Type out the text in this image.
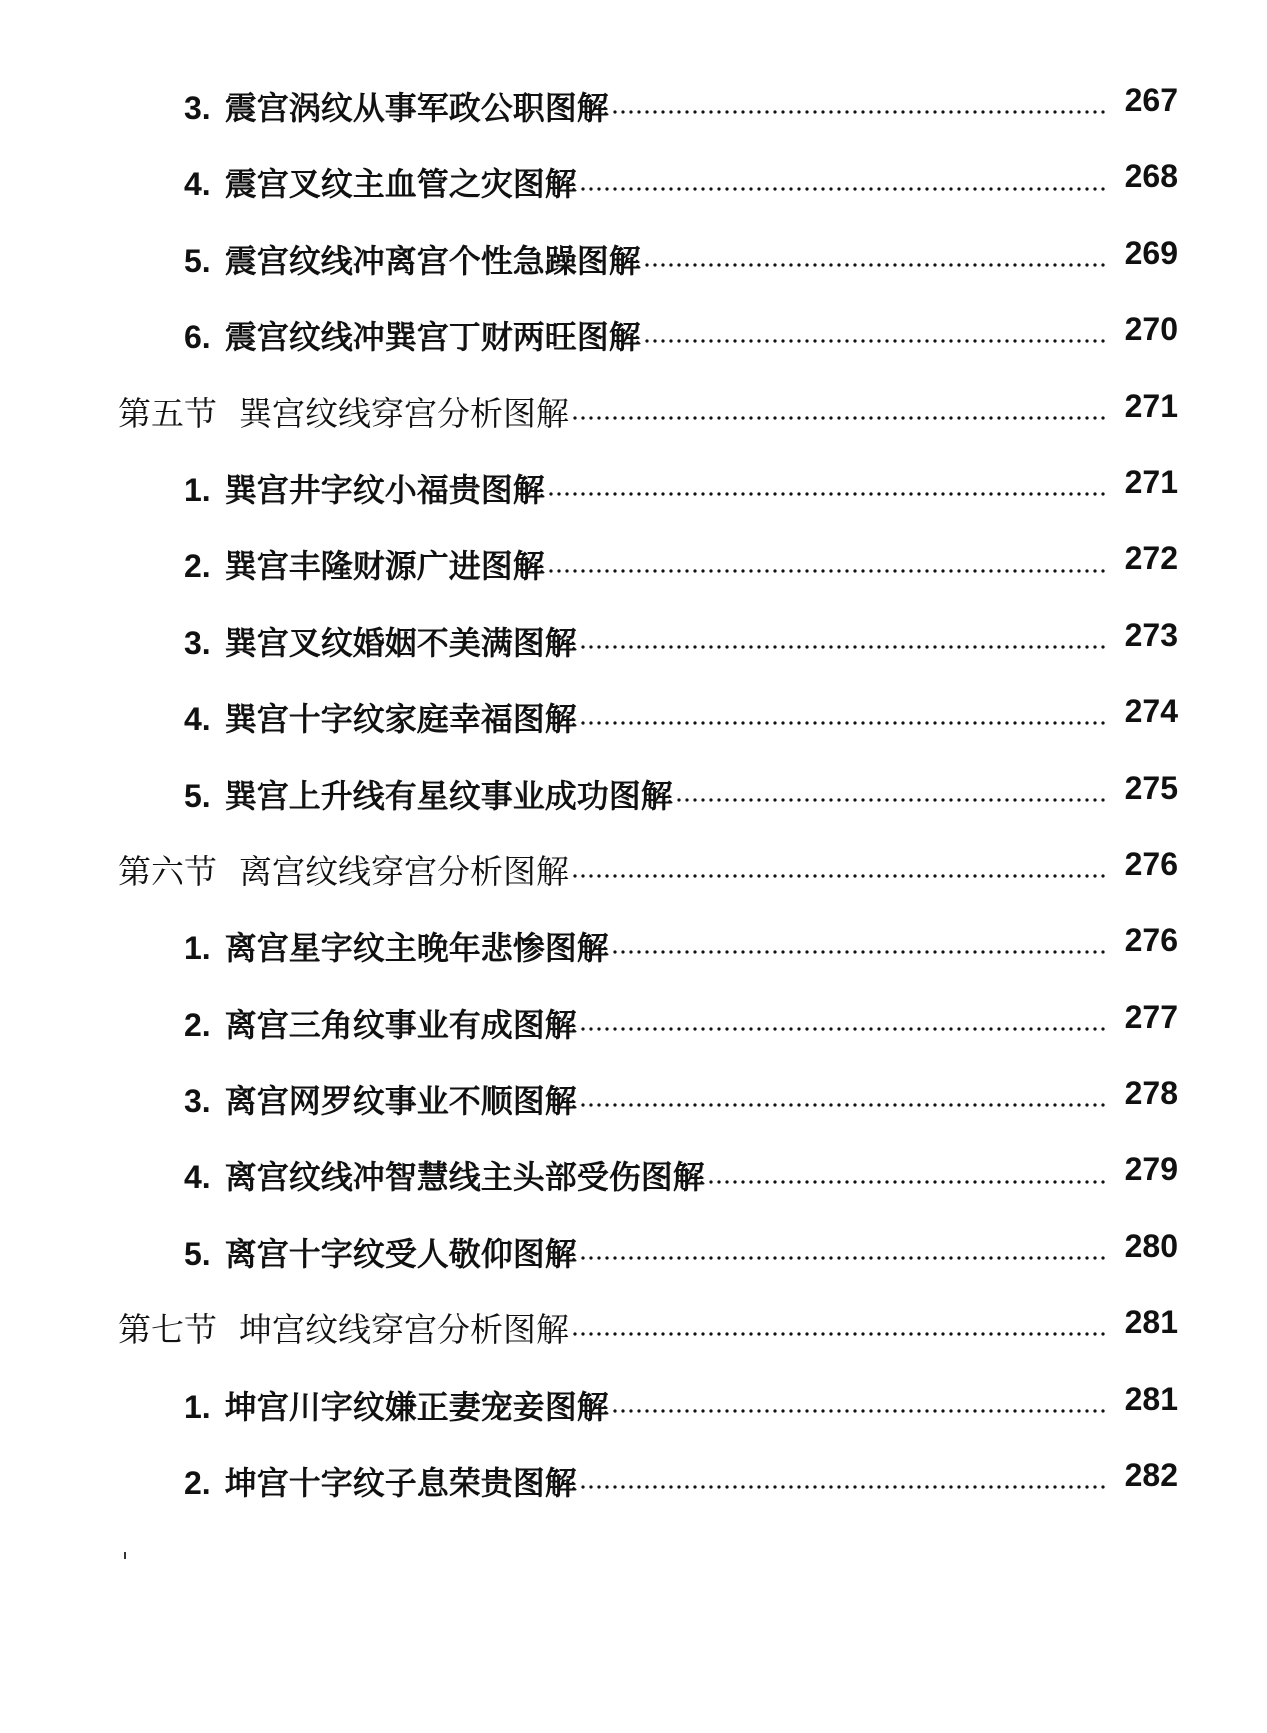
3. 震宫涡纹从事军政公职图解	267
4. 震宫叉纹主血管之灾图解	268
5. 震宫纹线冲离宫个性急躁图解	269
6. 震宫纹线冲巽宫丁财两旺图解	270
第五节 巽宫纹线穿宫分析图解	271
1. 巽宫井字纹小福贵图解	271
2. 巽宫丰隆财源广进图解	272
3. 巽宫叉纹婚姻不美满图解	273
4. 巽宫十字纹家庭幸福图解	274
5. 巽宫上升线有星纹事业成功图解	275
第六节 离宫纹线穿宫分析图解	276
1. 离宫星字纹主晚年悲惨图解	276
2. 离宫三角纹事业有成图解	277
3. 离宫网罗纹事业不顺图解	278
4. 离宫纹线冲智慧线主头部受伤图解	279
5. 离宫十字纹受人敬仰图解	280
第七节 坤宫纹线穿宫分析图解	281
1. 坤宫川字纹嫌正妻宠妾图解	281
2. 坤宫十字纹子息荣贵图解	282
